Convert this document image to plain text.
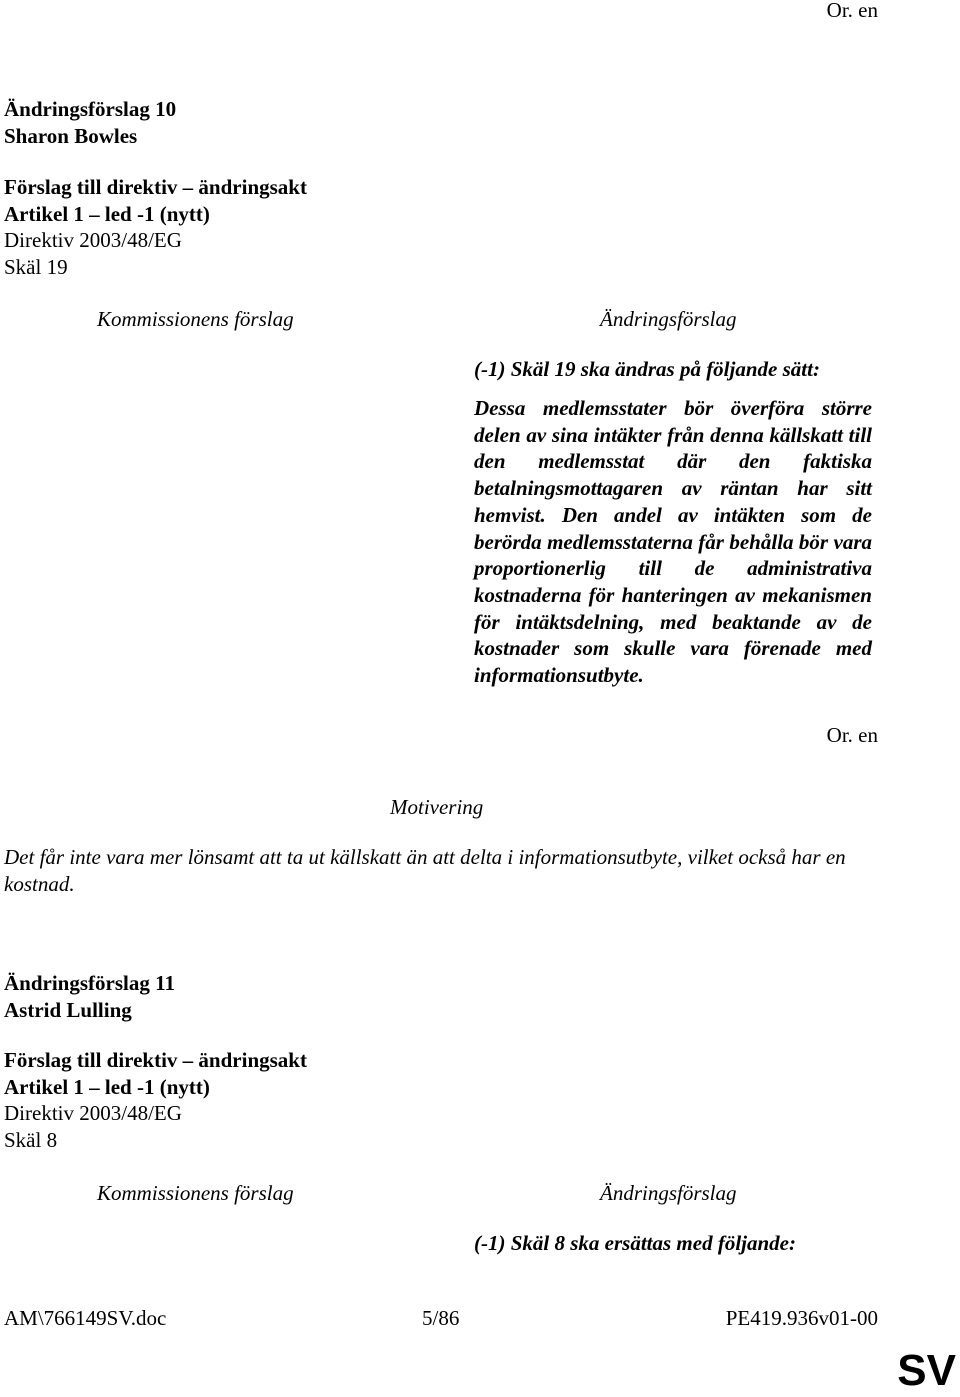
Or. en
Ändringsförslag 10
Sharon Bowles
Förslag till direktiv – ändringsakt
Artikel 1 – led -1 (nytt)
Direktiv 2003/48/EG
Skäl 19
Kommissionens förslag	Ändringsförslag
(-1) Skäl 19 ska ändras på följande sätt:
Dessa medlemsstater bör överföra större delen av sina intäkter från denna källskatt till den medlemsstat där den faktiska betalningsmottagaren av räntan har sitt hemvist. Den andel av intäkten som de berörda medlemsstaterna får behålla bör vara proportionerlig till de administrativa kostnaderna för hanteringen av mekanismen för intäktsdelning, med beaktande av de kostnader som skulle vara förenade med informationsutbyte.
Or. en
Motivering
Det får inte vara mer lönsamt att ta ut källskatt än att delta i informationsutbyte, vilket också har en kostnad.
Ändringsförslag 11
Astrid Lulling
Förslag till direktiv – ändringsakt
Artikel 1 – led -1 (nytt)
Direktiv 2003/48/EG
Skäl 8
Kommissionens förslag	Ändringsförslag
(-1) Skäl 8 ska ersättas med följande:
AM\766149SV.doc	5/86	PE419.936v01-00
SV
